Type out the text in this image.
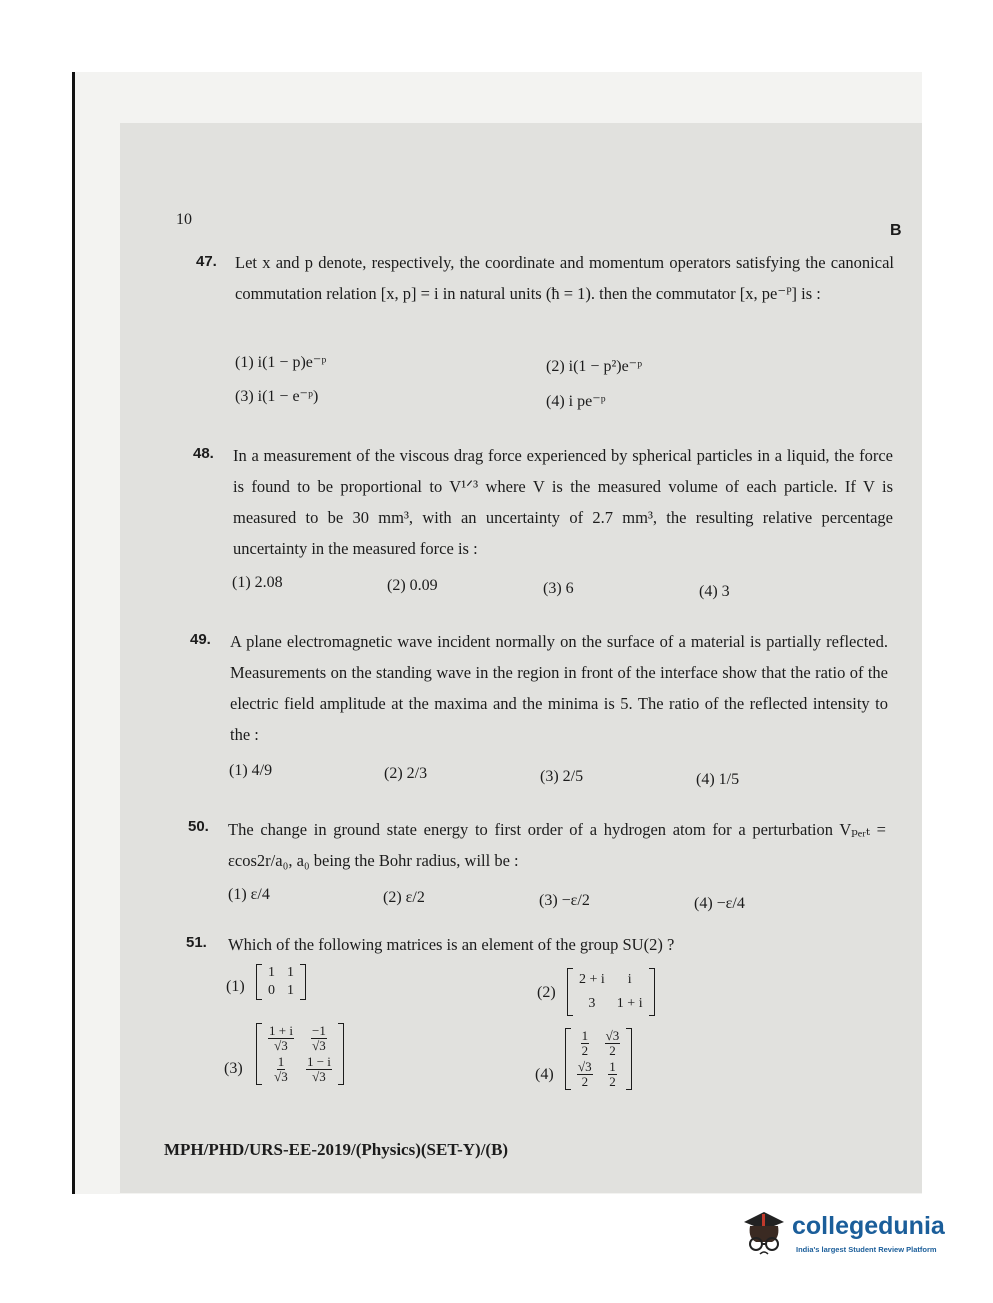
10
B
47. Let x and p denote, respectively, the coordinate and momentum operators satisfying the canonical commutation relation [x, p] = i in natural units (ħ = 1). then the commutator [x, pe⁻ᴾ] is :
(1) i(1 − p)e⁻ᵖ	(2) i(1 − p²)e⁻ᵖ
(3) i(1 − e⁻ᵖ)	(4) i pe⁻ᵖ
48. In a measurement of the viscous drag force experienced by spherical particles in a liquid, the force is found to be proportional to V¹ᐟ³ where V is the measured volume of each particle. If V is measured to be 30 mm³, with an uncertainty of 2.7 mm³, the resulting relative percentage uncertainty in the measured force is :
(1) 2.08	(2) 0.09	(3) 6	(4) 3
49. A plane electromagnetic wave incident normally on the surface of a material is partially reflected. Measurements on the standing wave in the region in front of the interface show that the ratio of the electric field amplitude at the maxima and the minima is 5. The ratio of the reflected intensity to the :
(1) 4/9	(2) 2/3	(3) 2/5	(4) 1/5
50. The change in ground state energy to first order of a hydrogen atom for a perturbation Vₚₑᵣₜ = εcos2r/a₀, a₀ being the Bohr radius, will be :
(1) ε/4	(2) ε/2	(3) −ε/2	(4) −ε/4
51. Which of the following matrices is an element of the group SU(2) ?
(1)
1	1
0	1	(2)
2 + i	i
3	1 + i
(3)
$\frac{1 + i}{√3}$	$\frac{-1}{√3}$

$\frac{1}{√3}$	$\frac{1 - i}{√3}$	(4)
$\frac{1}{2}$	$\frac{√3}{2}$

$\frac{√3}{2}$	$\frac{1}{2}$
MPH/PHD/URS-EE-2019/(Physics)(SET-Y)/(B)
collegedunia
India's largest Student Review Platform
